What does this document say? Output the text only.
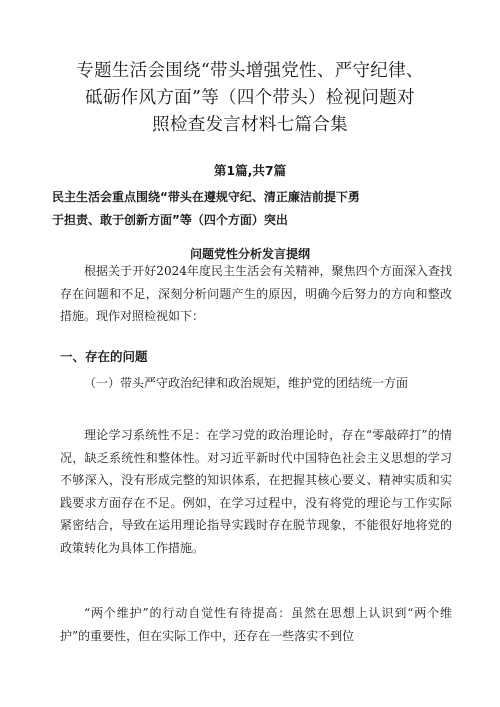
专题生活会围绕“带头增强党性、严守纪律、
砥砺作风方面”等（四个带头）检视问题对
照检查发言材料七篇合集
第1篇,共7篇
民主生活会重点围绕“带头在遵规守纪、清正廉洁前提下勇
于担责、敢于创新方面”等（四个方面）突出
问题党性分析发言提纲

根据关于开好2024年度民主生活会有关精神，聚焦四个方面深入查找存在问题和不足，深刻分析问题产生的原因，明确今后努力的方向和整改措施。现作对照检视如下：

一、存在的问题

（一）带头严守政治纪律和政治规矩，维护党的团结统一方面

理论学习系统性不足：在学习党的政治理论时，存在“零敲碎打”的情况，缺乏系统性和整体性。对习近平新时代中国特色社会主义思想的学习不够深入，没有形成完整的知识体系，在把握其核心要义、精神实质和实践要求方面存在不足。例如，在学习过程中，没有将党的理论与工作实际紧密结合，导致在运用理论指导实践时存在脱节现象，不能很好地将党的政策转化为具体工作措施。

“两个维护”的行动自觉性有待提高：虽然在思想上认识到“两个维护”的重要性，但在实际工作中，还存在一些落实不到位
